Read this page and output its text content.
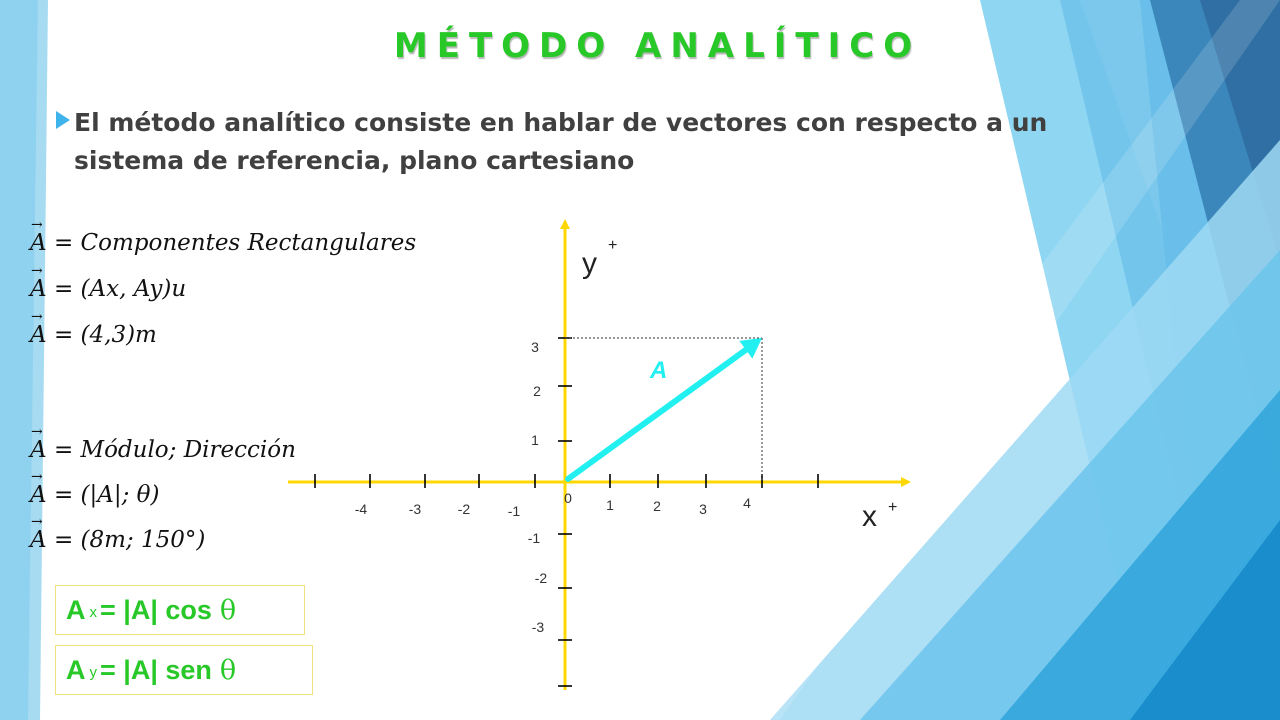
MÉTODO ANALÍTICO

El método analítico consiste en hablar de vectores con respecto a un sistema de referencia, plano cartesiano

→ A = Componentes Rectangulares
→ A = (Ax, Ay)u
→ A = (4,3)m
→ A = Módulo; Dirección
→ A = (|A|; θ)
→ A = (8m; 150°)
A x = |A| cos θ
A y = |A| sen θ
-4	-3	-2	-1
0 1	2	3	4
3
2
1
-1
-2
-3
y
+
x +
A
